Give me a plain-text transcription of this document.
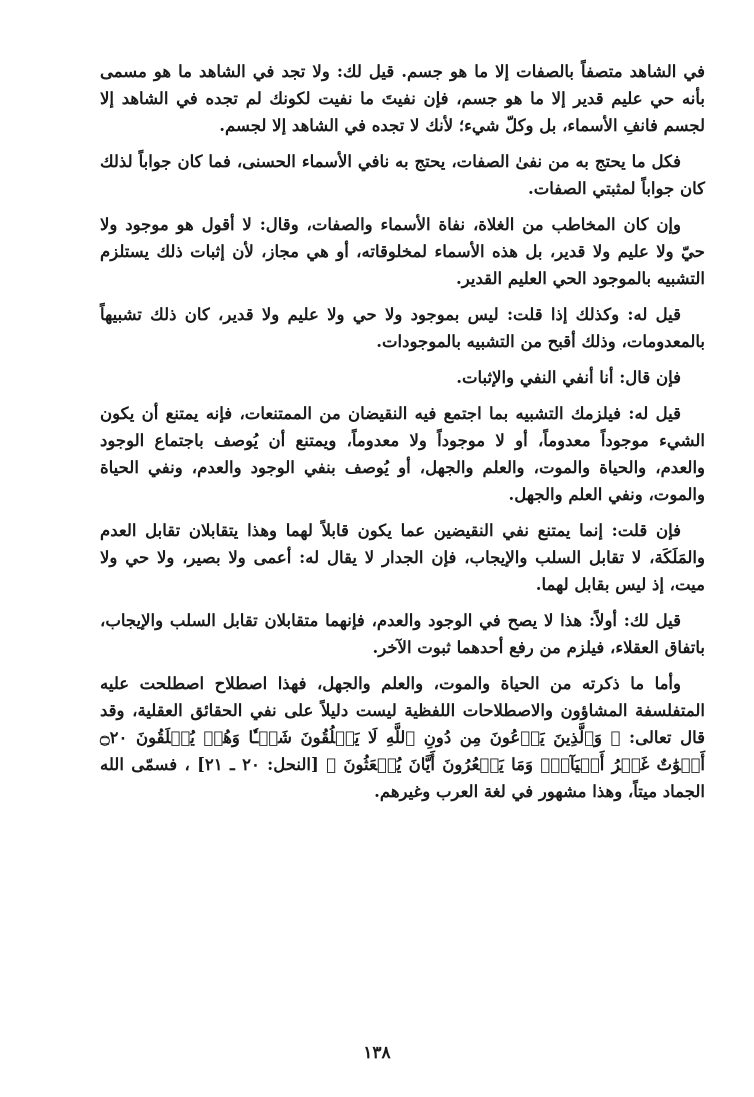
في الشاهد متصفاً بالصفات إلا ما هو جسم. قيل لك: ولا تجد في الشاهد ما هو مسمى بأنه حي عليم قدير إلا ما هو جسم، فإن نفيتَ ما نفيت لكونك لم تجده في الشاهد إلا لجسم فانفِ الأسماء، بل وكلّ شيء؛ لأنك لا تجده في الشاهد إلا لجسم.

فكل ما يحتج به من نفىٰ الصفات، يحتج به نافي الأسماء الحسنى، فما كان جواباً لذلك كان جواباً لمثبتي الصفات.

وإن كان المخاطب من الغلاة، نفاة الأسماء والصفات، وقال: لا أقول هو موجود ولا حيّ ولا عليم ولا قدير، بل هذه الأسماء لمخلوقاته، أو هي مجاز، لأن إثبات ذلك يستلزم التشبيه بالموجود الحي العليم القدير.

قيل له: وكذلك إذا قلت: ليس بموجود ولا حي ولا عليم ولا قدير، كان ذلك تشبيهاً بالمعدومات، وذلك أقبح من التشبيه بالموجودات.

فإن قال: أنا أنفي النفي والإثبات.

قيل له: فيلزمك التشبيه بما اجتمع فيه النقيضان من الممتنعات، فإنه يمتنع أن يكون الشيء موجوداً معدوماً، أو لا موجوداً ولا معدوماً، ويمتنع أن يُوصف باجتماع الوجود والعدم، والحياة والموت، والعلم والجهل، أو يُوصف بنفي الوجود والعدم، ونفي الحياة والموت، ونفي العلم والجهل.

فإن قلت: إنما يمتنع نفي النقيضين عما يكون قابلاً لهما وهذا يتقابلان تقابل العدم والمَلَكَة، لا تقابل السلب والإيجاب، فإن الجدار لا يقال له: أعمى ولا بصير، ولا حي ولا ميت، إذ ليس بقابل لهما.

قيل لك: أولاً: هذا لا يصح في الوجود والعدم، فإنهما متقابلان تقابل السلب والإيجاب، باتفاق العقلاء، فيلزم من رفع أحدهما ثبوت الآخر.

وأما ما ذكرته من الحياة والموت، والعلم والجهل، فهذا اصطلاح اصطلحت عليه المتفلسفة المشاؤون والاصطلاحات اللفظية ليست دليلاً على نفي الحقائق العقلية، وقد قال تعالى: ﴿ وَٱلَّذِينَ يَدۡعُونَ مِن دُونِ ٱللَّهِ لَا يَخۡلُقُونَ شَيۡـٔٗا وَهُمۡ يُخۡلَقُونَ ۝٢٠ أَمۡوَٰتٌ غَيۡرُ أَحۡيَآءٖۖ وَمَا يَشۡعُرُونَ أَيَّانَ يُبۡعَثُونَ ﴾ [النحل: ٢٠ ـ ٢١] ، فسمّى الله الجماد ميتاً، وهذا مشهور في لغة العرب وغيرهم.

١٣٨
